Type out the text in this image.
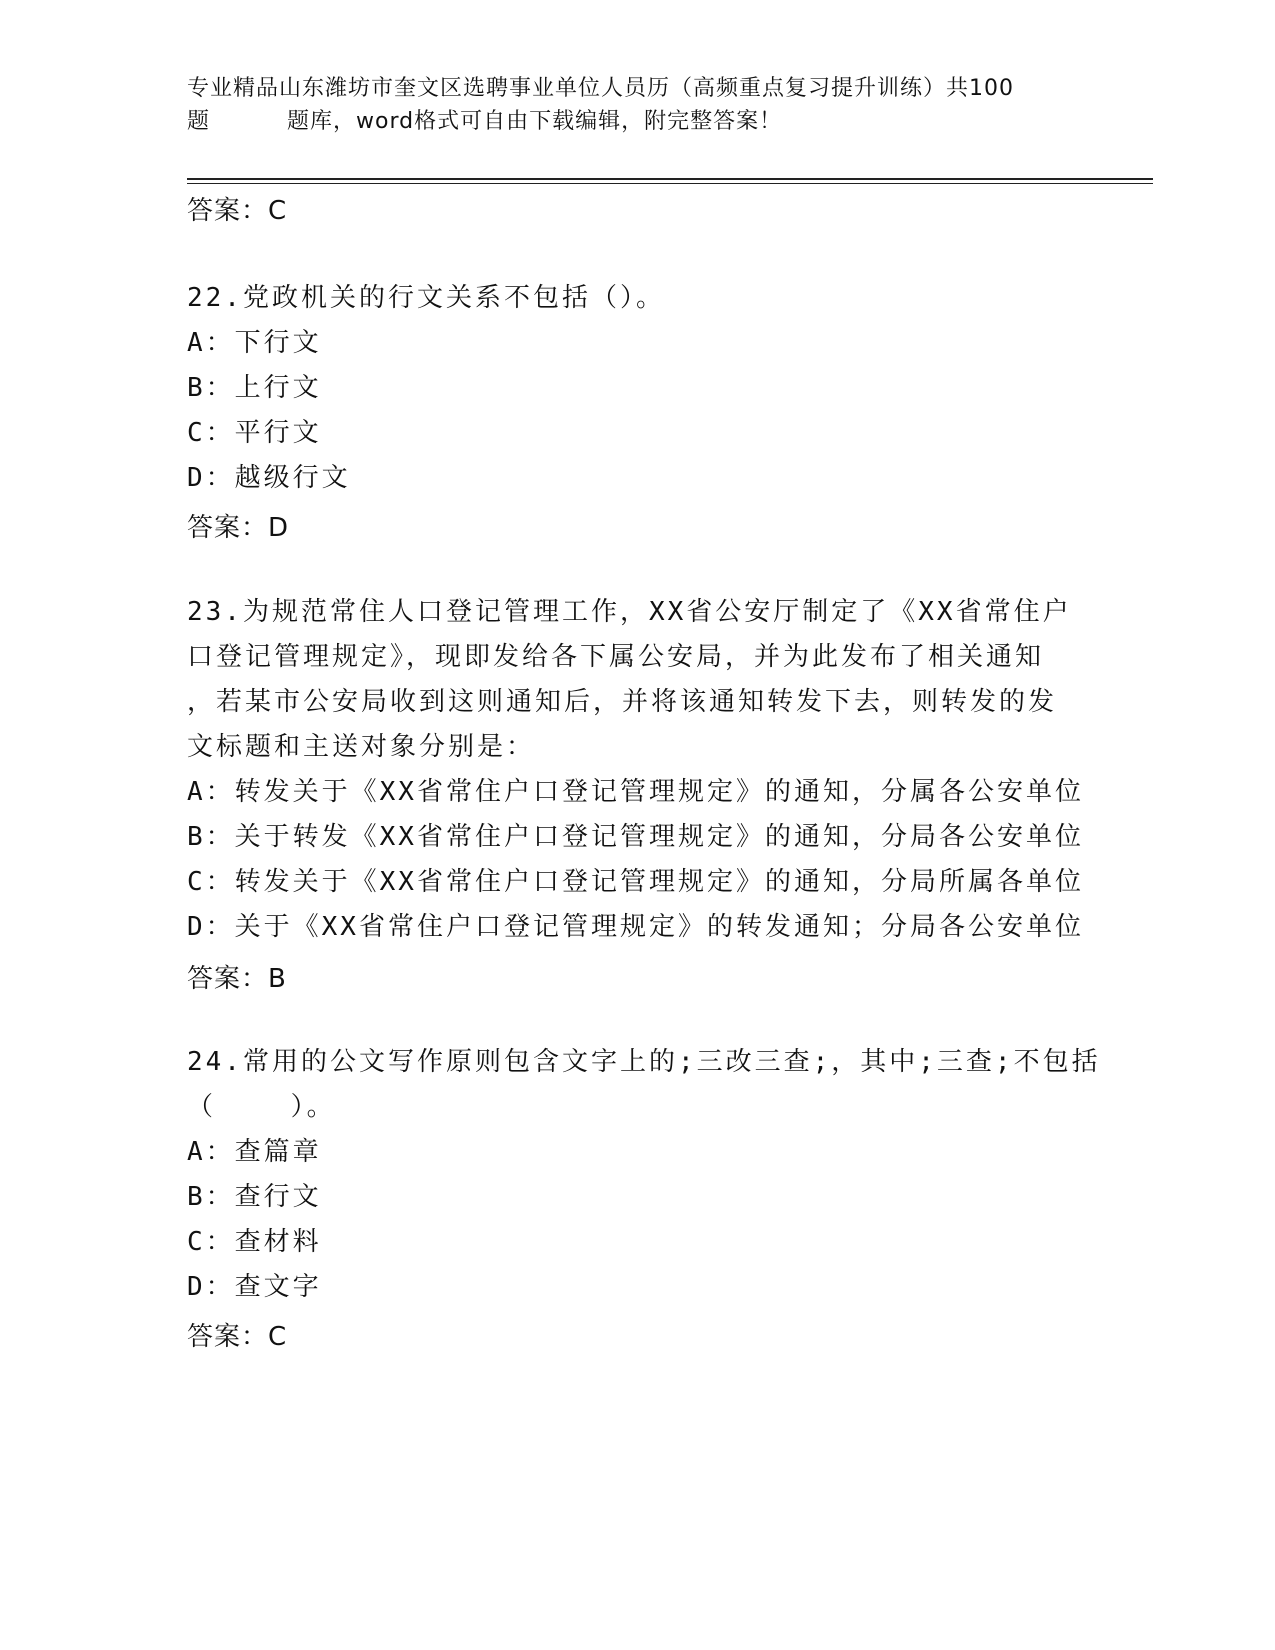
专业精品山东潍坊市奎文区选聘事业单位人员历（高频重点复习提升训练）共100
题	题库，word格式可自由下载编辑，附完整答案！
答案：C
22.党政机关的行文关系不包括（）。
A：下行文
B：上行文
C：平行文
D：越级行文
答案：D
23.为规范常住人口登记管理工作，XX省公安厅制定了《XX省常住户
口登记管理规定》，现即发给各下属公安局，并为此发布了相关通知
，若某市公安局收到这则通知后，并将该通知转发下去，则转发的发
文标题和主送对象分别是：
A：转发关于《XX省常住户口登记管理规定》的通知，分属各公安单位
B：关于转发《XX省常住户口登记管理规定》的通知，分局各公安单位
C：转发关于《XX省常住户口登记管理规定》的通知，分局所属各单位
D：关于《XX省常住户口登记管理规定》的转发通知；分局各公安单位
答案：B
24.常用的公文写作原则包含文字上的;三改三查;，其中;三查;不包括
（    ）。
A：查篇章
B：查行文
C：查材料
D：查文字
答案：C
